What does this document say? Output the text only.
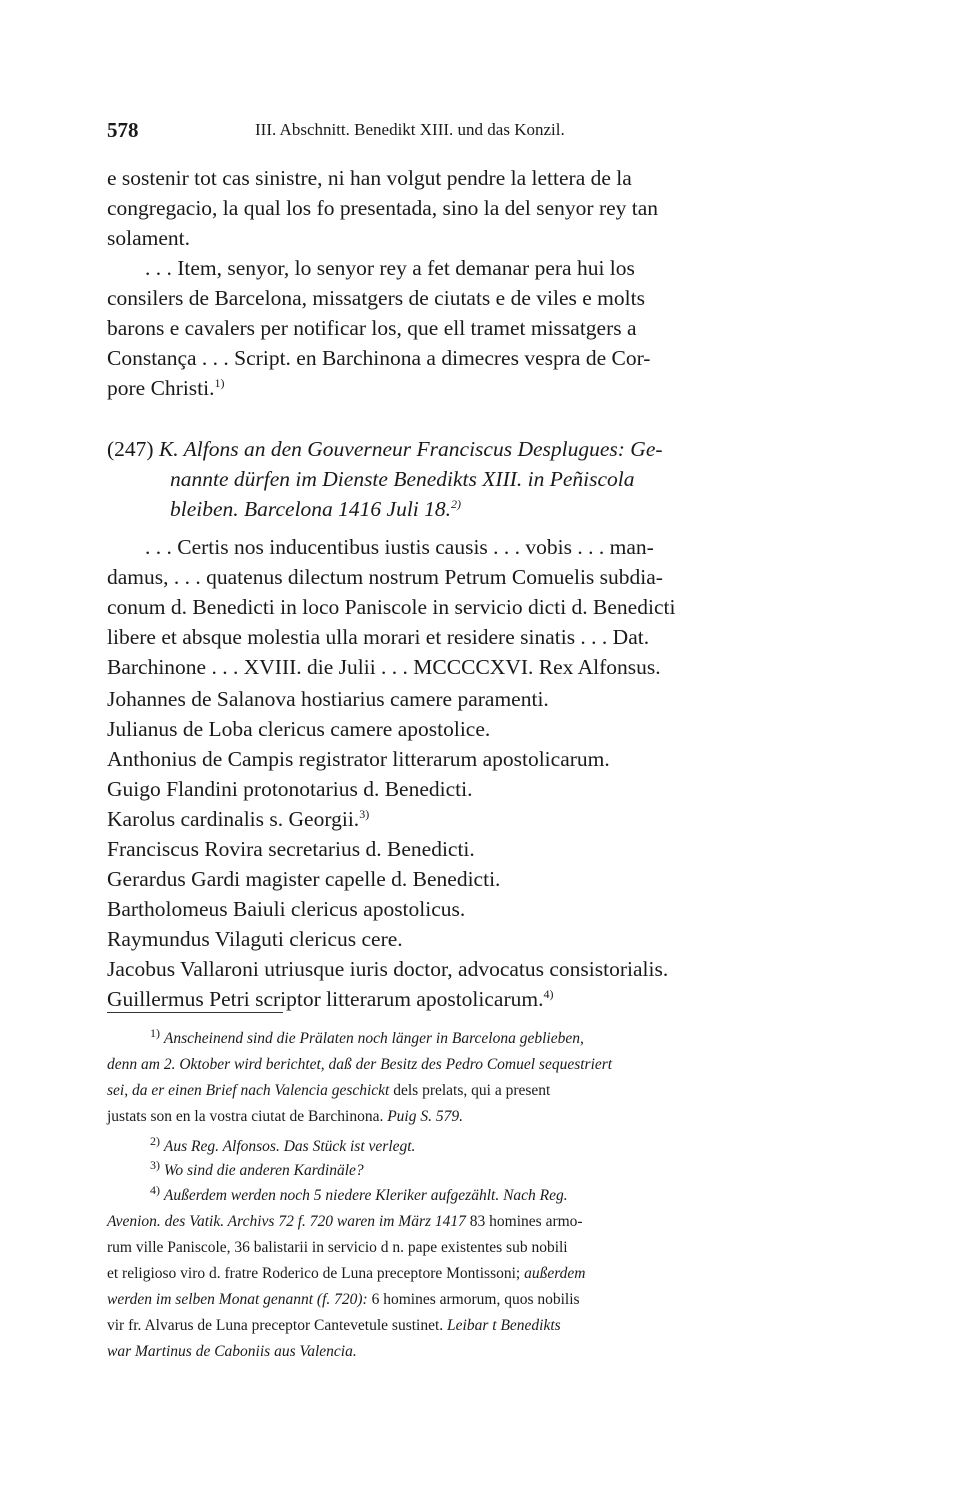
578	III. Abschnitt. Benedikt XIII. und das Konzil.
e sostenir tot cas sinistre, ni han volgut pendre la lettera de la
congregacio, la qual los fo presentada, sino la del senyor rey tan
solament.
. . . Item, senyor, lo senyor rey a fet demanar pera hui los
consilers de Barcelona, missatgers de ciutats e de viles e molts
barons e cavalers per notificar los, que ell tramet missatgers a
Constança . . . Script. en Barchinona a dimecres vespra de Cor-
pore Christi.$^{1)}$
(247) K. Alfons an den Gouverneur Franciscus Desplugues: Ge-
nannte dürfen im Dienste Benedikts XIII. in Peñiscola
bleiben. Barcelona 1416 Juli 18.$^{2)}$
. . . Certis nos inducentibus iustis causis . . . vobis . . . man-
damus, . . . quatenus dilectum nostrum Petrum Comuelis subdia-
conum d. Benedicti in loco Paniscole in servicio dicti d. Benedicti
libere et absque molestia ulla morari et residere sinatis . . . Dat.
Barchinone . . . XVIII. die Julii . . . MCCCCXVI. Rex Alfonsus.
Johannes de Salanova hostiarius camere paramenti.
Julianus de Loba clericus camere apostolice.
Anthonius de Campis registrator litterarum apostolicarum.
Guigo Flandini protonotarius d. Benedicti.
Karolus cardinalis s. Georgii.$^{3)}$
Franciscus Rovira secretarius d. Benedicti.
Gerardus Gardi magister capelle d. Benedicti.
Bartholomeus Baiuli clericus apostolicus.
Raymundus Vilaguti clericus cere.
Jacobus Vallaroni utriusque iuris doctor, advocatus consistorialis.
Guillermus Petri scriptor litterarum apostolicarum.$^{4)}$
$^{1)}$ Anscheinend sind die Prälaten noch länger in Barcelona geblieben,
denn am 2. Oktober wird berichtet, daß der Besitz des Pedro Comuel sequestriert
sei, da er einen Brief nach Valencia geschickt dels prelats, qui a present
justats son en la vostra ciutat de Barchinona. Puig S. 579.
$^{2)}$ Aus Reg. Alfonsos. Das Stück ist verlegt.
$^{3)}$ Wo sind die anderen Kardinäle?
$^{4)}$ Außerdem werden noch 5 niedere Kleriker aufgezählt. Nach Reg.
Avenion. des Vatik. Archivs 72 f. 720 waren im März 1417 83 homines armo-
rum ville Paniscole, 36 balistarii in servicio d n. pape existentes sub nobili
et religioso viro d. fratre Roderico de Luna preceptore Montissoni; außerdem
werden im selben Monat genannt (f. 720): 6 homines armorum, quos nobilis
vir fr. Alvarus de Luna preceptor Cantevetule sustinet. Leibar t Benedikts
war Martinus de Caboniis aus Valencia.
